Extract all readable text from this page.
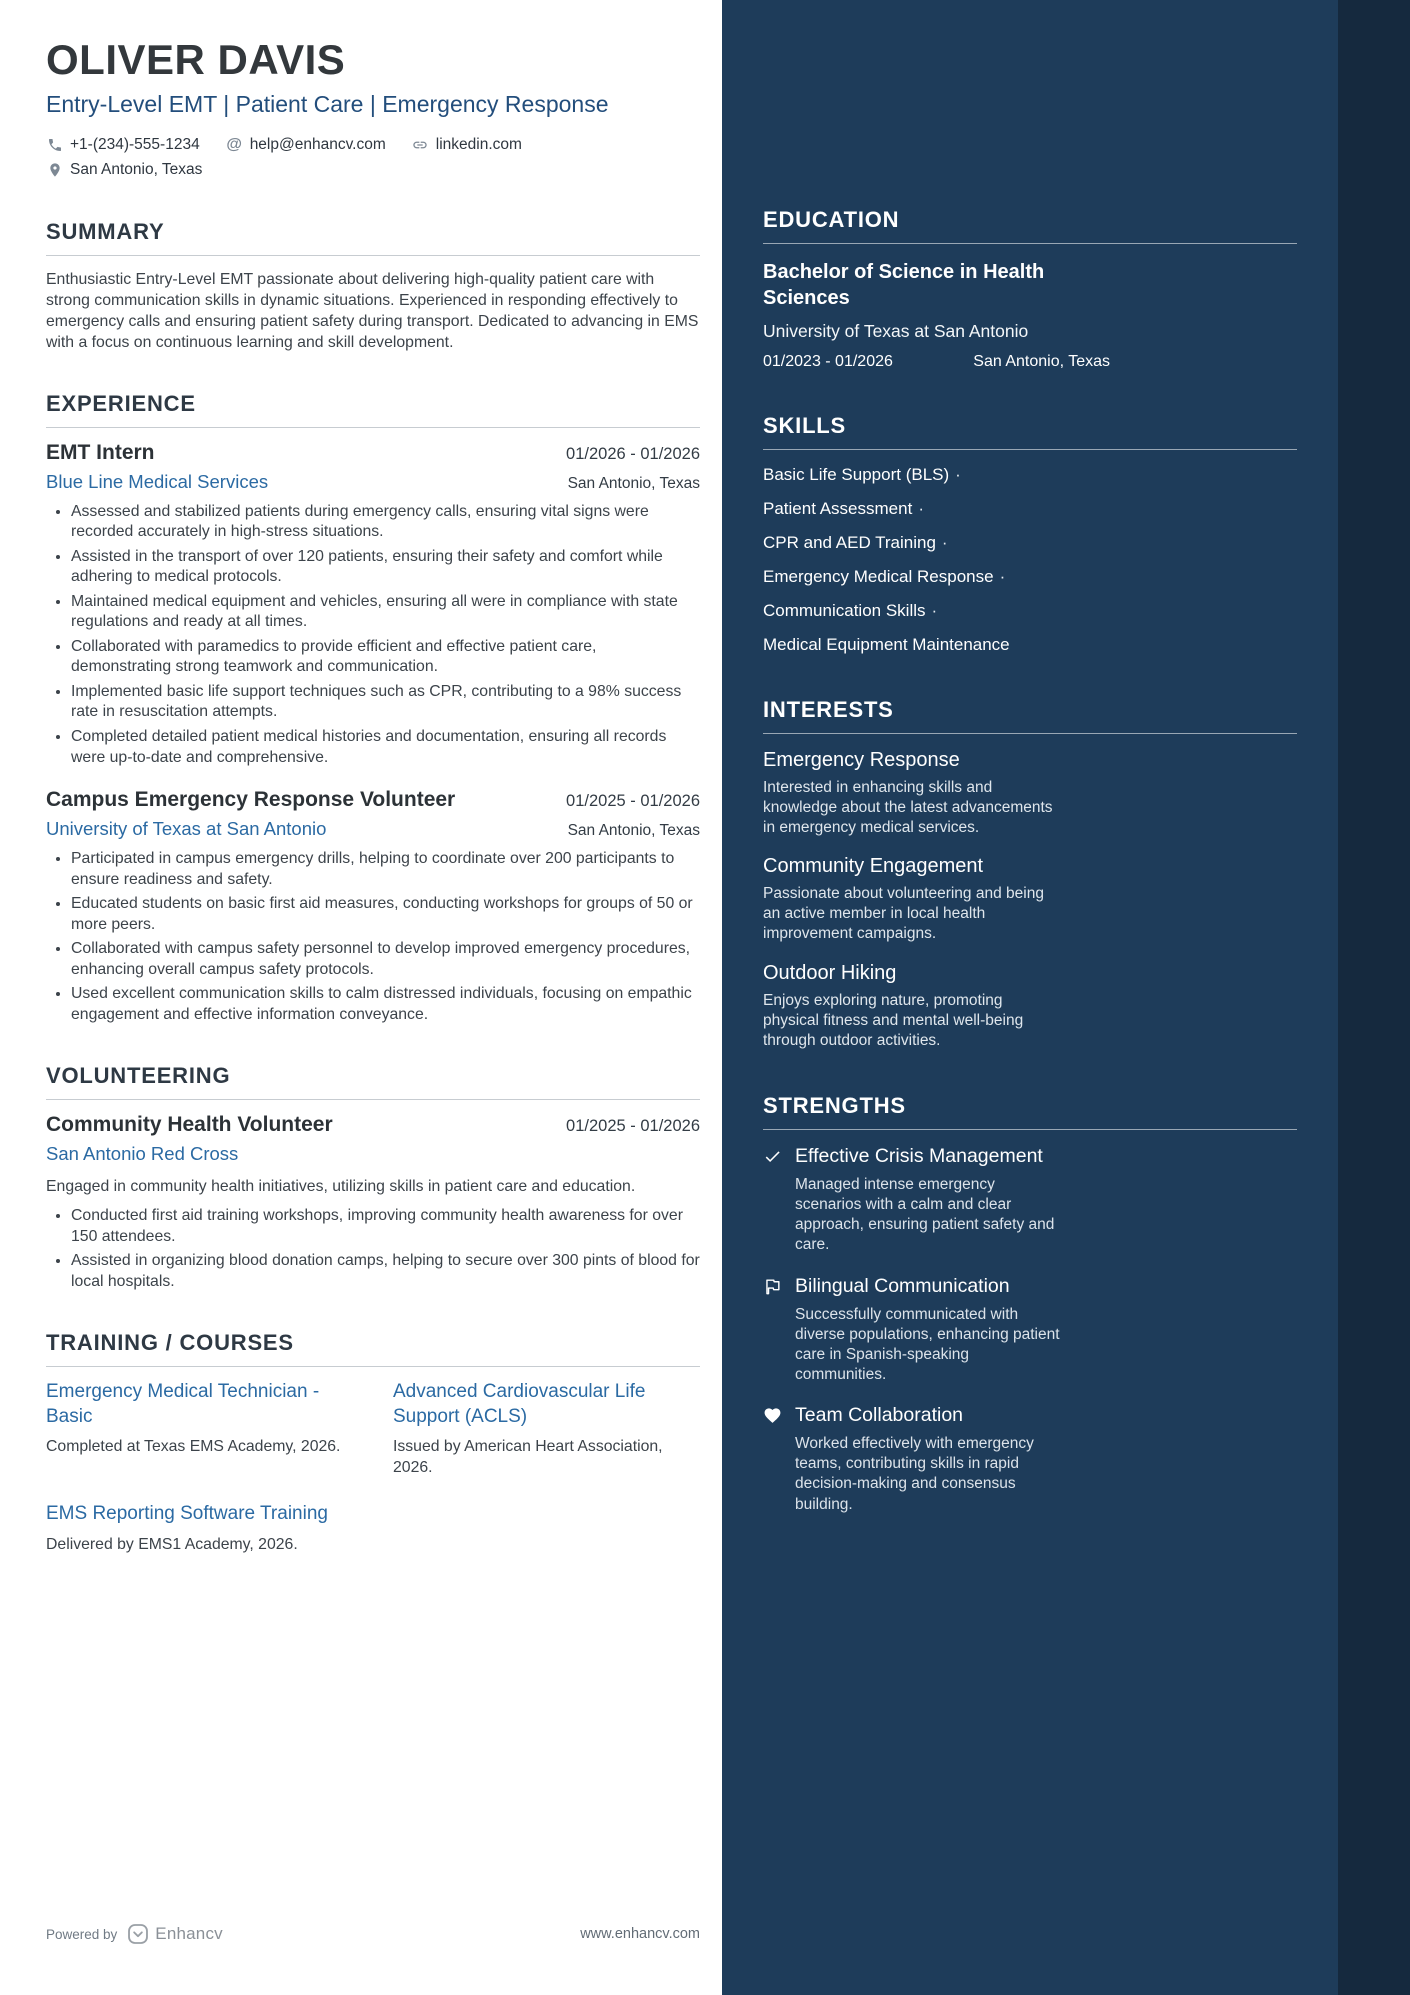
OLIVER DAVIS
Entry-Level EMT | Patient Care | Emergency Response
+1-(234)-555-1234 @ help@enhancv.com	linkedin.com
San Antonio, Texas
SUMMARY

Enthusiastic Entry-Level EMT passionate about delivering high-quality patient care with strong communication skills in dynamic situations. Experienced in responding effectively to emergency calls and ensuring patient safety during transport. Dedicated to advancing in EMS with a focus on continuous learning and skill development.

EXPERIENCE
EMT Intern	01/2026 - 01/2026
Blue Line Medical Services	San Antonio, Texas
• Assessed and stabilized patients during emergency calls, ensuring vital signs were recorded accurately in high-stress situations.
• Assisted in the transport of over 120 patients, ensuring their safety and comfort while adhering to medical protocols.
• Maintained medical equipment and vehicles, ensuring all were in compliance with state regulations and ready at all times.
• Collaborated with paramedics to provide efficient and effective patient care, demonstrating strong teamwork and communication.
• Implemented basic life support techniques such as CPR, contributing to a 98% success rate in resuscitation attempts.
• Completed detailed patient medical histories and documentation, ensuring all records were up-to-date and comprehensive.
Campus Emergency Response Volunteer	01/2025 - 01/2026
University of Texas at San Antonio	San Antonio, Texas
• Participated in campus emergency drills, helping to coordinate over 200 participants to ensure readiness and safety.
• Educated students on basic first aid measures, conducting workshops for groups of 50 or more peers.
• Collaborated with campus safety personnel to develop improved emergency procedures, enhancing overall campus safety protocols.
• Used excellent communication skills to calm distressed individuals, focusing on empathic engagement and effective information conveyance.
VOLUNTEERING
Community Health Volunteer	01/2025 - 01/2026
San Antonio Red Cross

Engaged in community health initiatives, utilizing skills in patient care and education.

• Conducted first aid training workshops, improving community health awareness for over 150 attendees.
• Assisted in organizing blood donation camps, helping to secure over 300 pints of blood for local hospitals.
TRAINING / COURSES
Emergency Medical Technician - Basic
Completed at Texas EMS Academy, 2026.
Advanced Cardiovascular Life Support (ACLS)
Issued by American Heart Association, 2026.
EMS Reporting Software Training
Delivered by EMS1 Academy, 2026.
Powered by Enhancv	www.enhancv.com
EDUCATION
Bachelor of Science in Health Sciences
University of Texas at San Antonio
01/2023 - 01/2026	San Antonio, Texas
SKILLS
Basic Life Support (BLS) ·
Patient Assessment ·
CPR and AED Training ·
Emergency Medical Response ·
Communication Skills ·
Medical Equipment Maintenance
INTERESTS
Emergency Response
Interested in enhancing skills and knowledge about the latest advancements in emergency medical services.
Community Engagement
Passionate about volunteering and being an active member in local health improvement campaigns.
Outdoor Hiking
Enjoys exploring nature, promoting physical fitness and mental well-being through outdoor activities.
STRENGTHS
Effective Crisis Management
Managed intense emergency scenarios with a calm and clear approach, ensuring patient safety and care.
Bilingual Communication
Successfully communicated with diverse populations, enhancing patient care in Spanish-speaking communities.
Team Collaboration
Worked effectively with emergency teams, contributing skills in rapid decision-making and consensus building.
